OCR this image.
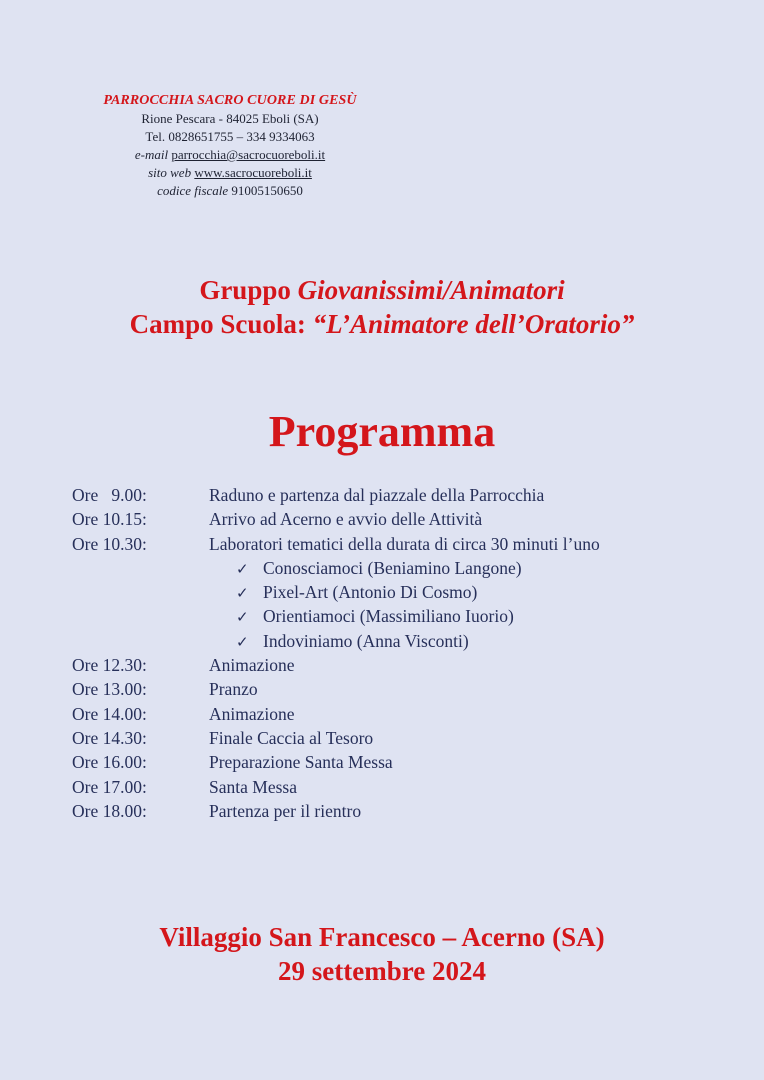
PARROCCHIA SACRO CUORE DI GESÙ
Rione Pescara - 84025 Eboli (SA)
Tel. 0828651755 – 334 9334063
e-mail parrocchia@sacrocuoreboli.it
sito web www.sacrocuoreboli.it
codice fiscale 91005150650
Gruppo Giovanissimi/Animatori
Campo Scuola: “L’Animatore dell’Oratorio”
Programma
Ore   9.00:	Raduno e partenza dal piazzale della Parrocchia
Ore 10.15:	Arrivo ad Acerno e avvio delle Attività
Ore 10.30:	Laboratori tematici della durata di circa 30 minuti l’uno
✓ Conosciamoci (Beniamino Langone)
✓ Pixel-Art (Antonio Di Cosmo)
✓ Orientiamoci (Massimiliano Iuorio)
✓ Indoviniamo (Anna Visconti)
Ore 12.30:	Animazione
Ore 13.00:	Pranzo
Ore 14.00:	Animazione
Ore 14.30:	Finale Caccia al Tesoro
Ore 16.00:	Preparazione Santa Messa
Ore 17.00:	Santa Messa
Ore 18.00:	Partenza per il rientro
Villaggio San Francesco – Acerno (SA)
29 settembre 2024
